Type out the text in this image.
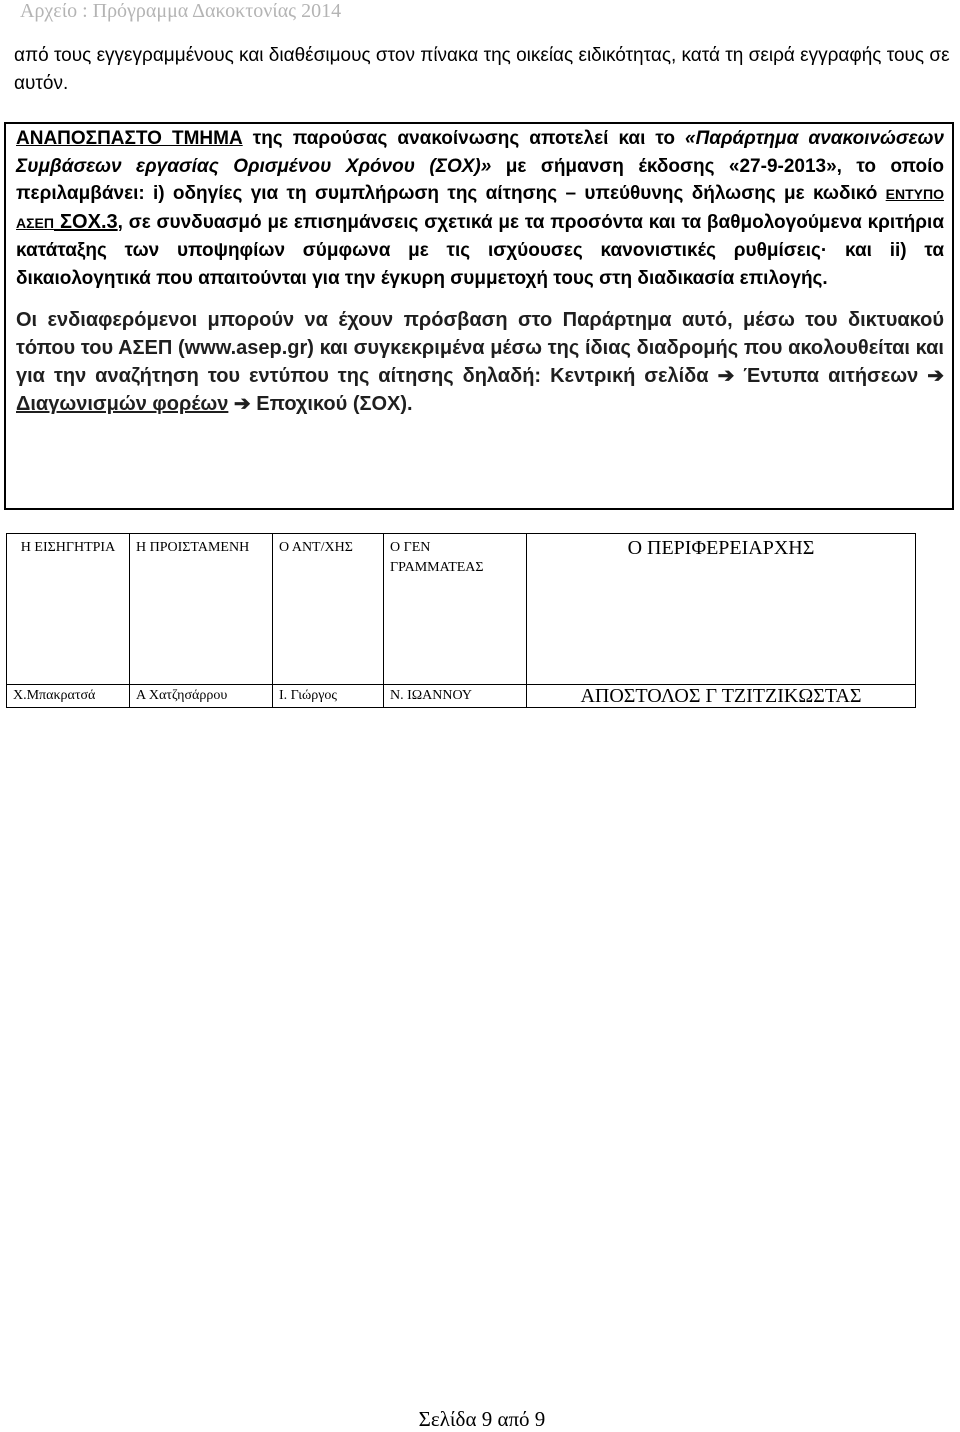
Αρχείο : Πρόγραμμα Δακοκτονίας 2014
από τους εγγεγραμμένους και διαθέσιμους στον πίνακα της οικείας ειδικότητας, κατά τη σειρά εγγραφής τους σε αυτόν.

ΑΝΑΠΟΣΠΑΣΤΟ ΤΜΗΜΑ της παρούσας ανακοίνωσης αποτελεί και το «Παράρτημα ανακοινώσεων Συμβάσεων εργασίας Ορισμένου Χρόνου (ΣΟΧ)» με σήμανση έκδοσης «27-9-2013», το οποίο περιλαμβάνει: i) οδηγίες για τη συμπλήρωση της αίτησης – υπεύθυνης δήλωσης με κωδικό ΕΝΤΥΠΟ ΑΣΕΠ ΣΟΧ.3, σε συνδυασμό με επισημάνσεις σχετικά με τα προσόντα και τα βαθμολογούμενα κριτήρια κατάταξης των υποψηφίων σύμφωνα με τις ισχύουσες κανονιστικές ρυθμίσεις· και ii) τα δικαιολογητικά που απαιτούνται για την έγκυρη συμμετοχή τους στη διαδικασία επιλογής.

Οι ενδιαφερόμενοι μπορούν να έχουν πρόσβαση στο Παράρτημα αυτό, μέσω του δικτυακού τόπου του ΑΣΕΠ (www.asep.gr) και συγκεκριμένα μέσω της ίδιας διαδρομής που ακολουθείται και για την αναζήτηση του εντύπου της αίτησης δηλαδή: Κεντρική σελίδα ➔ Έντυπα αιτήσεων ➔ Διαγωνισμών φορέων ➔ Εποχικού (ΣΟΧ).

Η ΕΙΣΗΓΗΤΡΙΑ	Η ΠΡΟΙΣΤΑΜΕΝΗ	Ο ΑΝΤ/ΧΗΣ	Ο ΓΕΝ ΓΡΑΜΜΑΤΕΑΣ	Ο ΠΕΡΙΦΕΡΕΙΑΡΧΗΣ
Χ.Μπακρατσά	Α Χατζησάρρου	Ι. Γιώργος	Ν. ΙΩΑΝΝΟΥ	ΑΠΟΣΤΟΛΟΣ Γ ΤΖΙΤΖΙΚΩΣΤΑΣ
Σελίδα 9 από 9
